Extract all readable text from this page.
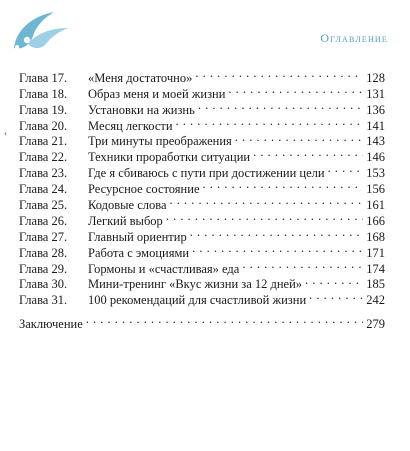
Оглавление
‹
Глава 17.	«Меня достаточно» . . .	128
Глава 18.	Образ меня и моей жизни . . .	131
Глава 19.	Установки на жизнь . . .	136
Глава 20.	Месяц легкости . . .	141
Глава 21.	Три минуты преображения . . .	143
Глава 22.	Техники проработки ситуации . . .	146
Глава 23.	Где я сбиваюсь с пути при достижении цели . . .	153
Глава 24.	Ресурсное состояние . . .	156
Глава 25.	Кодовые слова . . .	161
Глава 26.	Легкий выбор . . .	166
Глава 27.	Главный ориентир . . .	168
Глава 28.	Работа с эмоциями . . .	171
Глава 29.	Гормоны и «счастливая» еда . . .	174
Глава 30.	Мини-тренинг «Вкус жизни за 12 дней» . . .	185
Глава 31.	100 рекомендаций для счастливой жизни . . .	242
Заключение . . .	279
